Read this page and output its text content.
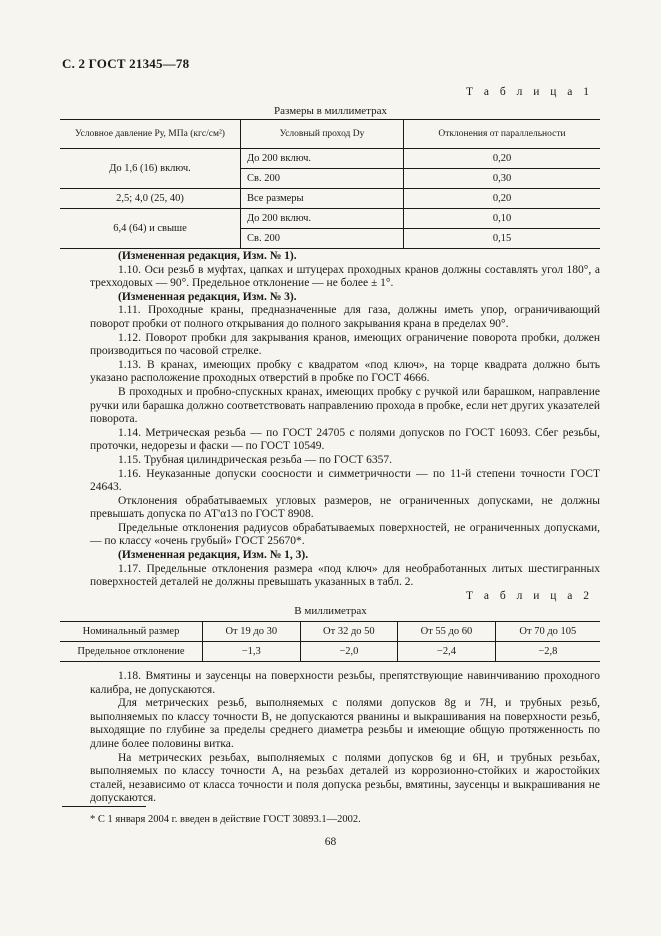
С. 2 ГОСТ 21345—78
Т а б л и ц а 1
Размеры в миллиметрах
Условное давление Pу, МПа (кгс/см²)	Условный проход Dу	Отклонения от параллельности
До 1,6 (16) включ.	До 200 включ.	0,20
	Св. 200	0,30
2,5; 4,0 (25, 40)	Все размеры	0,20
6,4 (64) и свыше	До 200 включ.	0,10
	Св. 200	0,15

(Измененная редакция, Изм. № 1).

1.10. Оси резьб в муфтах, цапках и штуцерах проходных кранов должны составлять угол 180°, а трехходовых — 90°. Предельное отклонение — не более ± 1°.

(Измененная редакция, Изм. № 3).

1.11. Проходные краны, предназначенные для газа, должны иметь упор, ограничивающий поворот пробки от полного открывания до полного закрывания крана в пределах 90°.

1.12. Поворот пробки для закрывания кранов, имеющих ограничение поворота пробки, должен производиться по часовой стрелке.

1.13. В кранах, имеющих пробку с квадратом «под ключ», на торце квадрата должно быть указано расположение проходных отверстий в пробке по ГОСТ 4666.

В проходных и пробно-спускных кранах, имеющих пробку с ручкой или барашком, направление ручки или барашка должно соответствовать направлению прохода в пробке, если нет других указателей поворота.

1.14. Метрическая резьба — по ГОСТ 24705 с полями допусков по ГОСТ 16093. Сбег резьбы, проточки, недорезы и фаски — по ГОСТ 10549.

1.15. Трубная цилиндрическая резьба — по ГОСТ 6357.

1.16. Неуказанные допуски соосности и симметричности — по 11-й степени точности ГОСТ 24643.

Отклонения обрабатываемых угловых размеров, не ограниченных допусками, не должны превышать допуска по АТ'α13 по ГОСТ 8908.

Предельные отклонения радиусов обрабатываемых поверхностей, не ограниченных допусками, — по классу «очень грубый» ГОСТ 25670*.

(Измененная редакция, Изм. № 1, 3).

1.17. Предельные отклонения размера «под ключ» для необработанных литых шестигранных поверхностей деталей не должны превышать указанных в табл. 2.

Т а б л и ц а 2
В миллиметрах
Номинальный размер	От 19 до 30	От 32 до 50	От 55 до 60	От 70 до 105
Предельное отклонение	−1,3	−2,0	−2,4	−2,8

1.18. Вмятины и заусенцы на поверхности резьбы, препятствующие навинчиванию проходного калибра, не допускаются.

Для метрических резьб, выполняемых с полями допусков 8g и 7Н, и трубных резьб, выполняемых по классу точности В, не допускаются рванины и выкрашивания на поверхности резьб, выходящие по глубине за пределы среднего диаметра резьбы и имеющие общую протяженность по длине более половины витка.

На метрических резьбах, выполняемых с полями допусков 6g и 6Н, и трубных резьбах, выполняемых по классу точности А, на резьбах деталей из коррозионно-стойких и жаростойких сталей, независимо от класса точности и поля допуска резьбы, вмятины, заусенцы и выкрашивания не допускаются.

* С 1 января 2004 г. введен в действие ГОСТ 30893.1—2002.
68
